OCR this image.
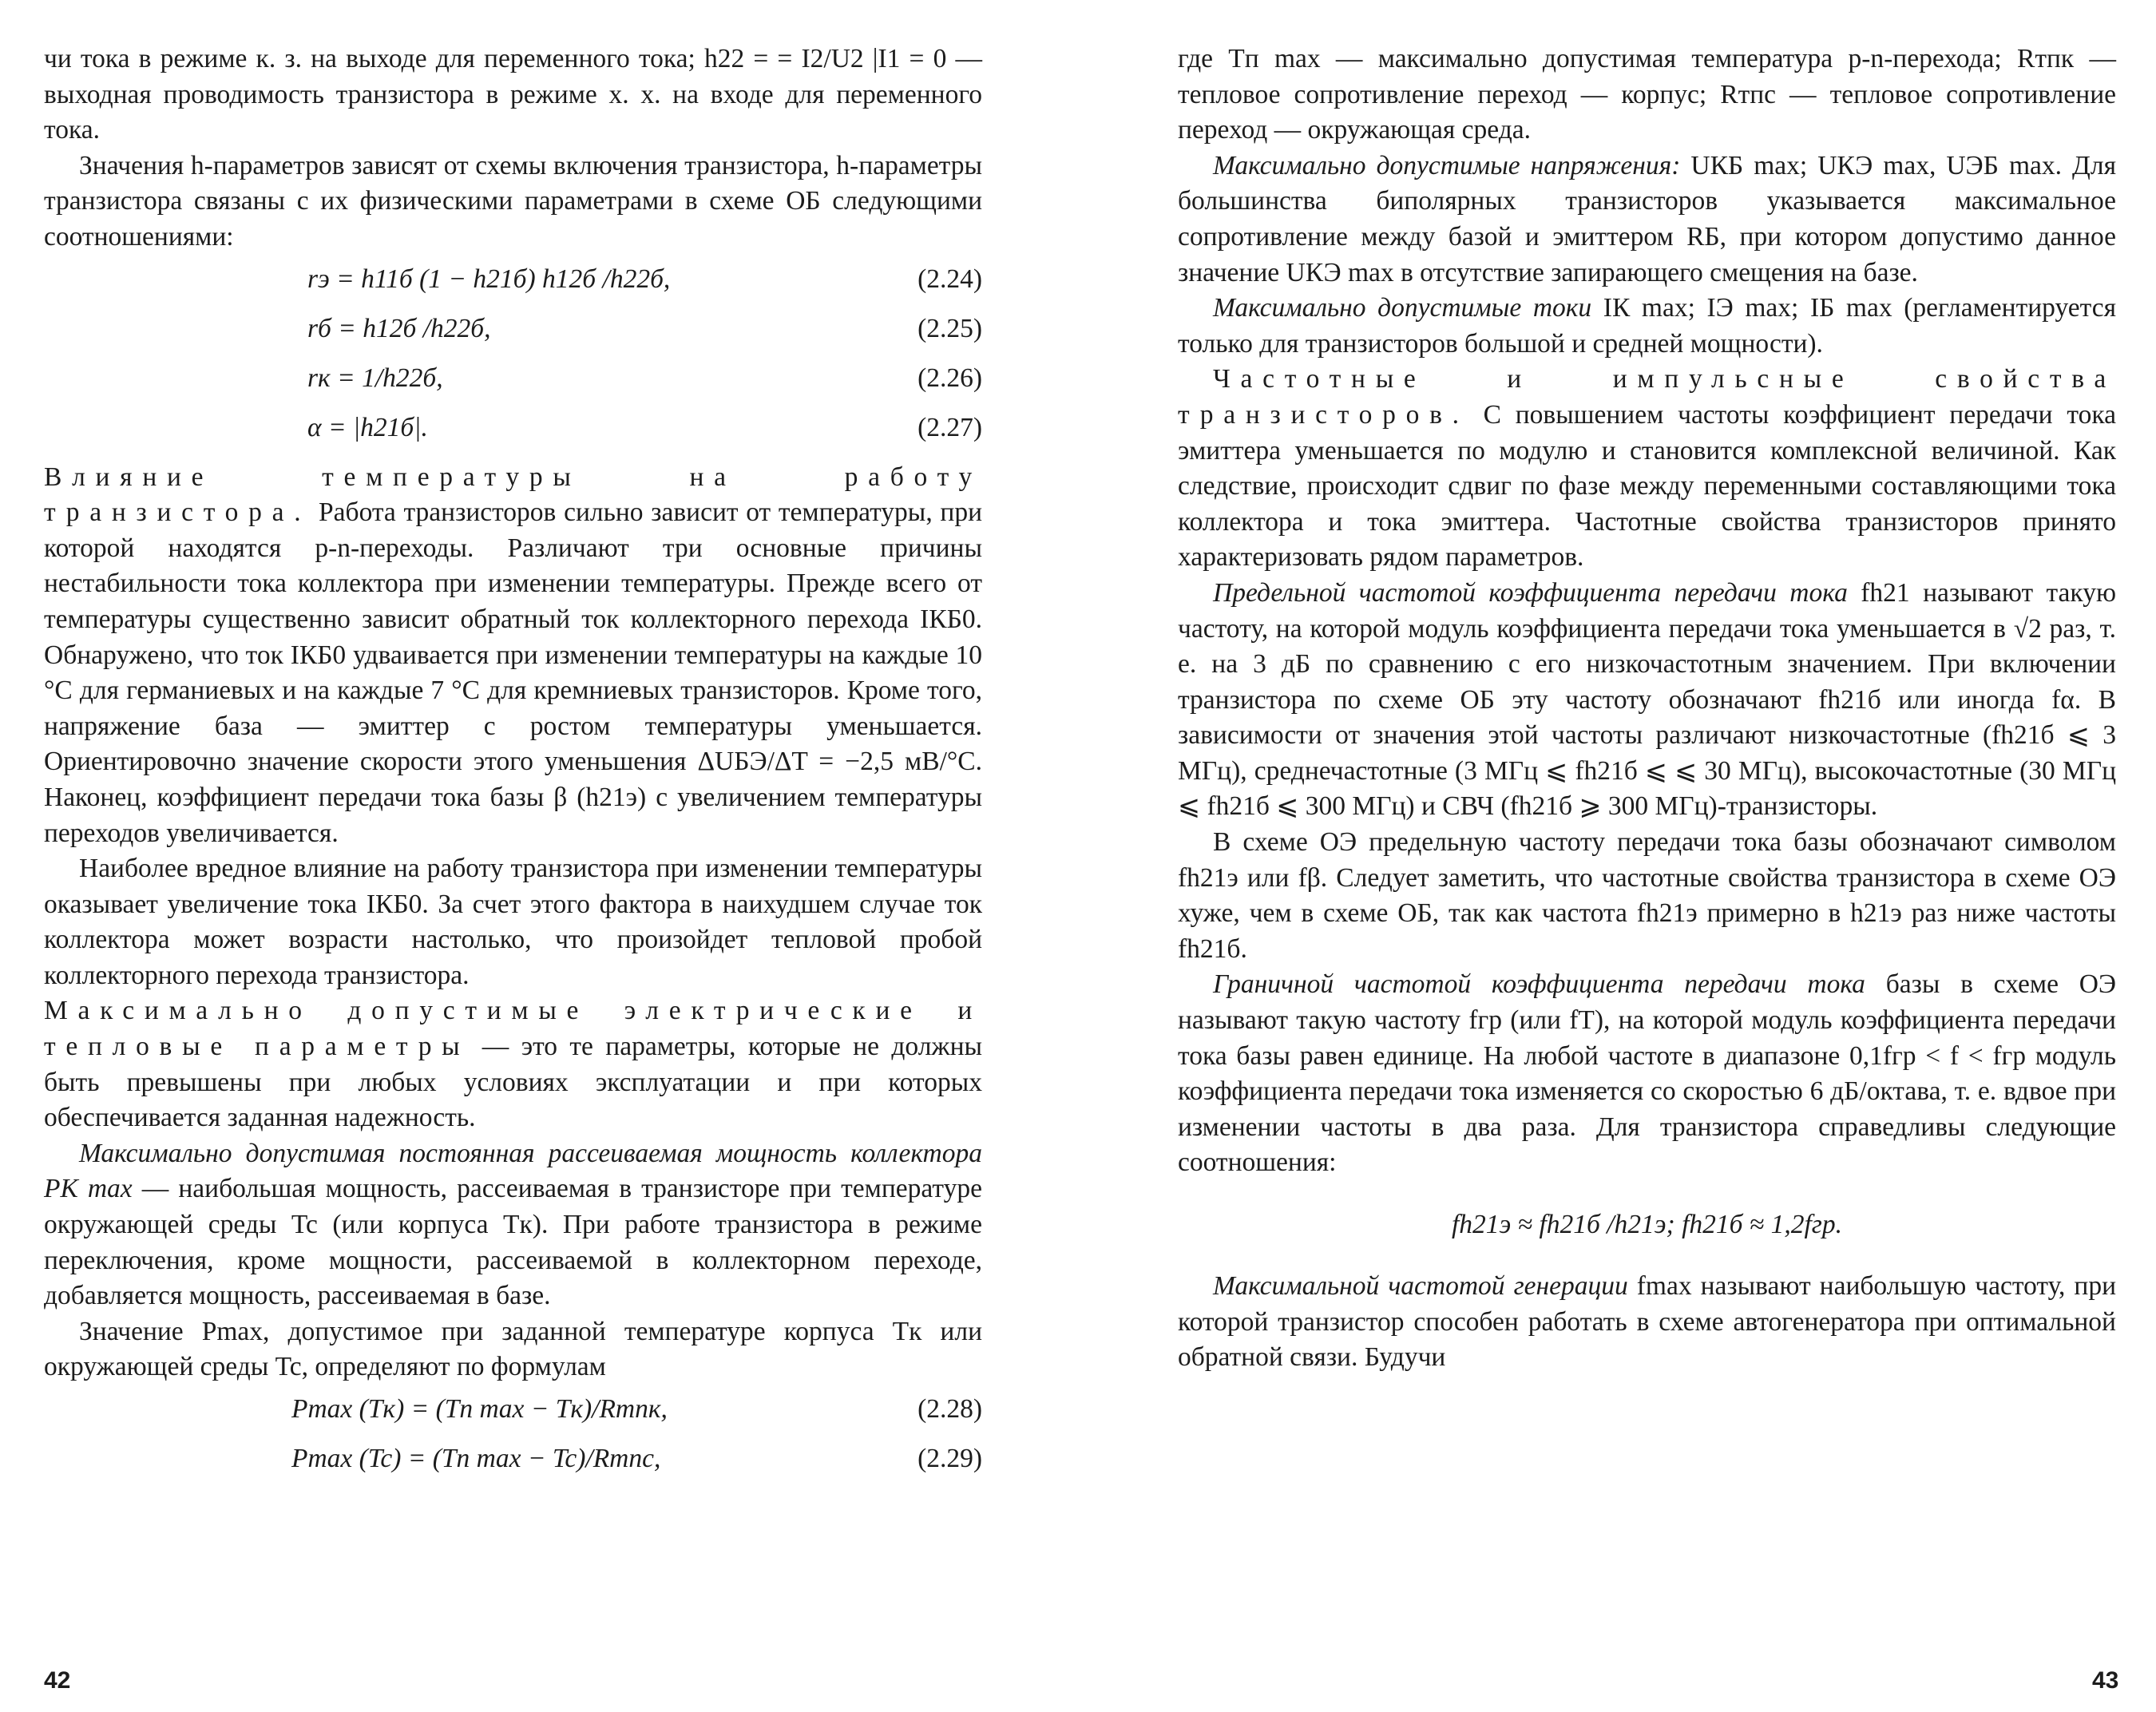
чи тока в режиме к. з. на выходе для переменного тока; h22 = = I2/U2 |I1 = 0 — выходная проводимость транзистора в режиме х. х. на входе для переменного тока.

Значения h-параметров зависят от схемы включения транзистора, h-параметры транзистора связаны с их физическими параметрами в схеме ОБ следующими соотношениями:

rэ = h11б (1 − h21б) h12б /h22б,	(2.24)
rб = h12б /h22б,	(2.25)
rк = 1/h22б,	(2.26)
α = |h21б|.	(2.27)

Влияние температуры на работу транзистора. Работа транзисторов сильно зависит от температуры, при которой находятся p-n-переходы. Различают три основные причины нестабильности тока коллектора при изменении температуры. Прежде всего от температуры существенно зависит обратный ток коллекторного перехода IКБ0. Обнаружено, что ток IКБ0 удваивается при изменении температуры на каждые 10 °С для германиевых и на каждые 7 °С для кремниевых транзисторов. Кроме того, напряжение база — эмиттер с ростом температуры уменьшается. Ориентировочно значение скорости этого уменьшения ΔUБЭ/ΔT = −2,5 мВ/°С. Наконец, коэффициент передачи тока базы β (h21э) с увеличением температуры переходов увеличивается.

Наиболее вредное влияние на работу транзистора при изменении температуры оказывает увеличение тока IКБ0. За счет этого фактора в наихудшем случае ток коллектора может возрасти настолько, что произойдет тепловой пробой коллекторного перехода транзистора.

Максимально допустимые электрические и тепловые параметры — это те параметры, которые не должны быть превышены при любых условиях эксплуатации и при которых обеспечивается заданная надежность.

Максимально допустимая постоянная рассеиваемая мощность коллектора PК max — наибольшая мощность, рассеиваемая в транзисторе при температуре окружающей среды Tc (или корпуса Tк). При работе транзистора в режиме переключения, кроме мощности, рассеиваемой в коллекторном переходе, добавляется мощность, рассеиваемая в базе.

Значение Pmax, допустимое при заданной температуре корпуса Tк или окружающей среды Tc, определяют по формулам

Pmax (Tк) = (Tп max − Tк)/Rтпк,	(2.28)
Pmax (Tc) = (Tп max − Tc)/Rтпс,	(2.29)

где Tп max — максимально допустимая температура p-n-перехода; Rтпк — тепловое сопротивление переход — корпус; Rтпс — тепловое сопротивление переход — окружающая среда.

Максимально допустимые напряжения: UКБ max; UКЭ max, UЭБ max. Для большинства биполярных транзисторов указывается максимальное сопротивление между базой и эмиттером RБ, при котором допустимо данное значение UКЭ max в отсутствие запирающего смещения на базе.

Максимально допустимые токи IК max; IЭ max; IБ max (регламентируется только для транзисторов большой и средней мощности).

Частотные и импульсные свойства транзисторов. С повышением частоты коэффициент передачи тока эмиттера уменьшается по модулю и становится комплексной величиной. Как следствие, происходит сдвиг по фазе между переменными составляющими тока коллектора и тока эмиттера. Частотные свойства транзисторов принято характеризовать рядом параметров.

Предельной частотой коэффициента передачи тока fh21 называют такую частоту, на которой модуль коэффициента передачи тока уменьшается в √2 раз, т. е. на 3 дБ по сравнению с его низкочастотным значением. При включении транзистора по схеме ОБ эту частоту обозначают fh21б или иногда fα. В зависимости от значения этой частоты различают низкочастотные (fh21б ⩽ 3 МГц), среднечастотные (3 МГц ⩽ fh21б ⩽ ⩽ 30 МГц), высокочастотные (30 МГц ⩽ fh21б ⩽ 300 МГц) и СВЧ (fh21б ⩾ 300 МГц)-транзисторы.

В схеме ОЭ предельную частоту передачи тока базы обозначают символом fh21э или fβ. Следует заметить, что частотные свойства транзистора в схеме ОЭ хуже, чем в схеме ОБ, так как частота fh21э примерно в h21э раз ниже частоты fh21б.

Граничной частотой коэффициента передачи тока базы в схеме ОЭ называют такую частоту fгр (или fT), на которой модуль коэффициента передачи тока базы равен единице. На любой частоте в диапазоне 0,1fгр < f < fгр модуль коэффициента передачи тока изменяется со скоростью 6 дБ/октава, т. е. вдвое при изменении частоты в два раза. Для транзистора справедливы следующие соотношения:

fh21э ≈ fh21б /h21э; fh21б ≈ 1,2fгр.

Максимальной частотой генерации fmax называют наибольшую частоту, при которой транзистор способен работать в схеме автогенератора при оптимальной обратной связи. Будучи

42	43
